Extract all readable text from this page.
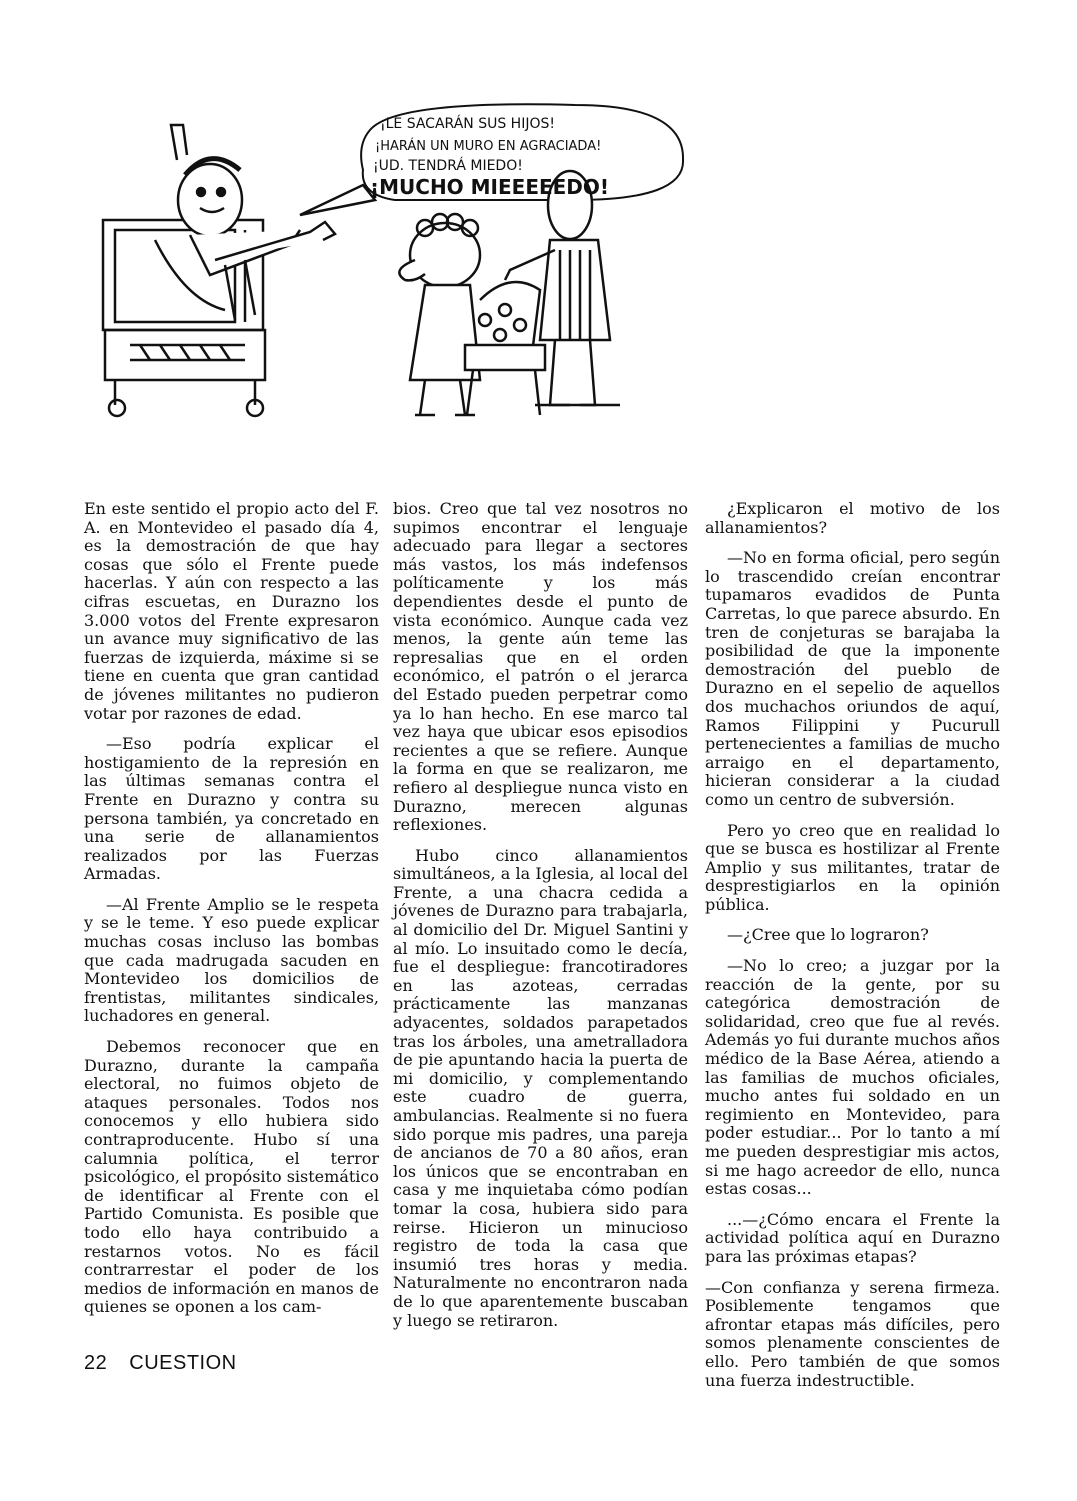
¡LE SACARÁN SUS HIJOS!
¡HARÁN UN MURO EN AGRACIADA!
¡UD. TENDRÁ MIEDO!
¡MUCHO MIEEEEEDO!

En este sentido el propio acto del F. A. en Montevideo el pasado día 4, es la demostración de que hay cosas que sólo el Frente puede hacerlas. Y aún con respecto a las cifras escuetas, en Durazno los 3.000 votos del Frente expresaron un avance muy significativo de las fuerzas de izquierda, máxime si se tiene en cuenta que gran cantidad de jóvenes militantes no pudieron votar por razones de edad.

—Eso podría explicar el hostigamiento de la represión en las últimas semanas contra el Frente en Durazno y contra su persona también, ya concretado en una serie de allanamientos realizados por las Fuerzas Armadas.

—Al Frente Amplio se le respeta y se le teme. Y eso puede explicar muchas cosas incluso las bombas que cada madrugada sacuden en Montevideo los domicilios de frentistas, militantes sindicales, luchadores en general.

Debemos reconocer que en Durazno, durante la campaña electoral, no fuimos objeto de ataques personales. Todos nos conocemos y ello hubiera sido contraproducente. Hubo sí una calumnia política, el terror psicológico, el propósito sistemático de identificar al Frente con el Partido Comunista. Es posible que todo ello haya contribuido a restarnos votos. No es fácil contrarrestar el poder de los medios de información en manos de quienes se oponen a los cam-

bios. Creo que tal vez nosotros no supimos encontrar el lenguaje adecuado para llegar a sectores más vastos, los más indefensos políticamente y los más dependientes desde el punto de vista económico. Aunque cada vez menos, la gente aún teme las represalias que en el orden económico, el patrón o el jerarca del Estado pueden perpetrar como ya lo han hecho. En ese marco tal vez haya que ubicar esos episodios recientes a que se refiere. Aunque la forma en que se realizaron, me refiero al despliegue nunca visto en Durazno, merecen algunas reflexiones.

Hubo cinco allanamientos simultáneos, a la Iglesia, al local del Frente, a una chacra cedida a jóvenes de Durazno para trabajarla, al domicilio del Dr. Miguel Santini y al mío. Lo insuitado como le decía, fue el despliegue: francotiradores en las azoteas, cerradas prácticamente las manzanas adyacentes, soldados parapetados tras los árboles, una ametralladora de pie apuntando hacia la puerta de mi domicilio, y complementando este cuadro de guerra, ambulancias. Realmente si no fuera sido porque mis padres, una pareja de ancianos de 70 a 80 años, eran los únicos que se encontraban en casa y me inquietaba cómo podían tomar la cosa, hubiera sido para reirse. Hicieron un minucioso registro de toda la casa que insumió tres horas y media. Naturalmente no encontraron nada de lo que aparentemente buscaban y luego se retiraron.

¿Explicaron el motivo de los allanamientos?

—No en forma oficial, pero según lo trascendido creían encontrar tupamaros evadidos de Punta Carretas, lo que parece absurdo. En tren de conjeturas se barajaba la posibilidad de que la imponente demostración del pueblo de Durazno en el sepelio de aquellos dos muchachos oriundos de aquí, Ramos Filippini y Pucurull pertenecientes a familias de mucho arraigo en el departamento, hicieran considerar a la ciudad como un centro de subversión.

Pero yo creo que en realidad lo que se busca es hostilizar al Frente Amplio y sus militantes, tratar de desprestigiarlos en la opinión pública.

—¿Cree que lo lograron?

—No lo creo; a juzgar por la reacción de la gente, por su categórica demostración de solidaridad, creo que fue al revés. Además yo fui durante muchos años médico de la Base Aérea, atiendo a las familias de muchos oficiales, mucho antes fui soldado en un regimiento en Montevideo, para poder estudiar... Por lo tanto a mí me pueden desprestigiar mis actos, si me hago acreedor de ello, nunca estas cosas...

...—¿Cómo encara el Frente la actividad política aquí en Durazno para las próximas etapas?

—Con confianza y serena firmeza. Posiblemente tengamos que afrontar etapas más difíciles, pero somos plenamente conscientes de ello. Pero también de que somos una fuerza indestructible.

22 CUESTION
